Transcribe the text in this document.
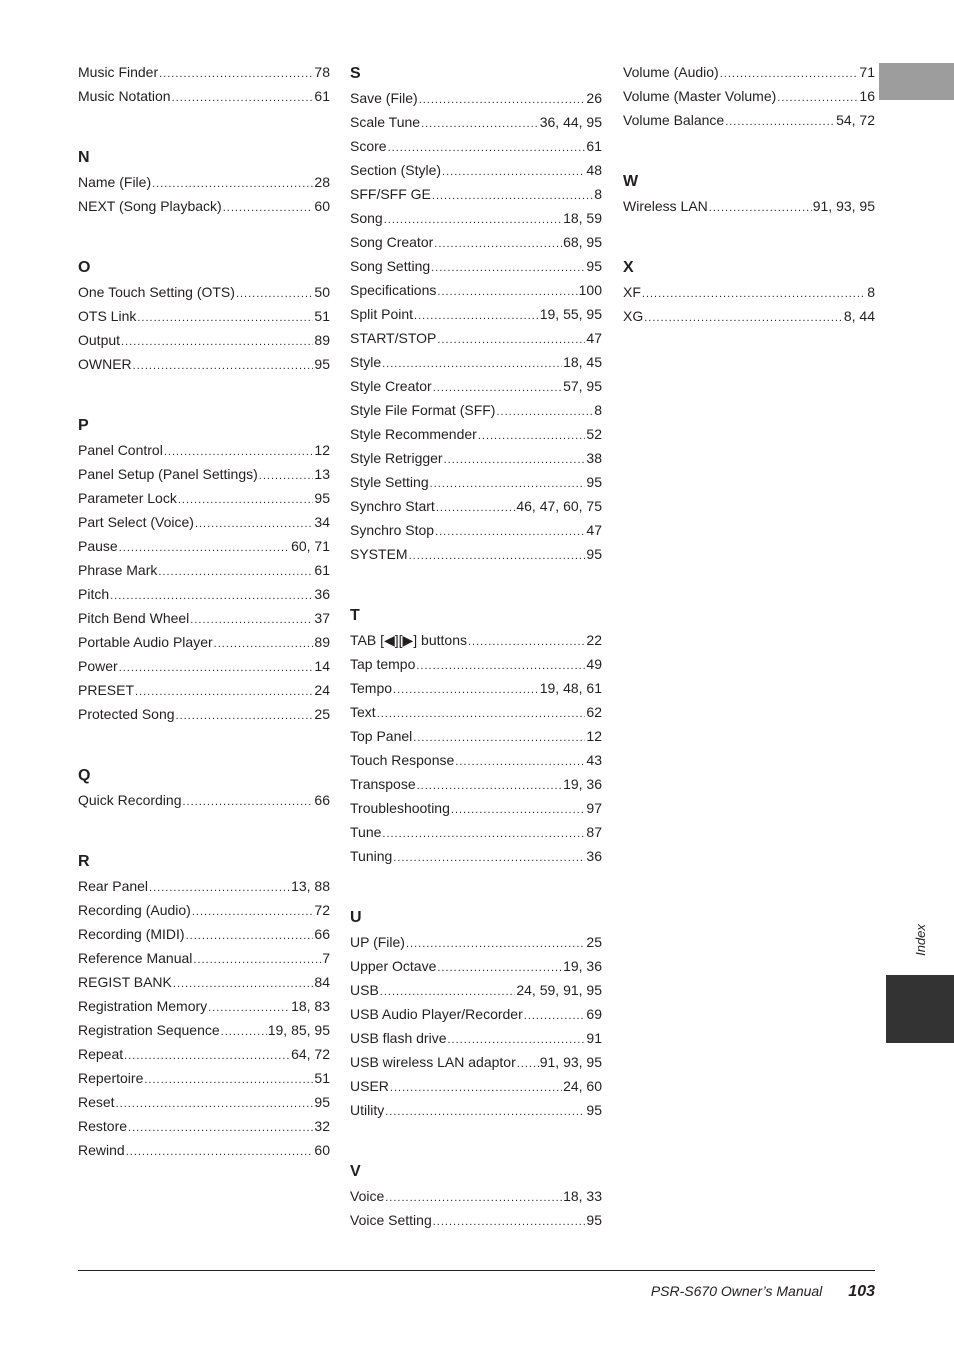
Index
Music Finder .....	78
Music Notation .....	61
N
Name (File) .....	28
NEXT (Song Playback) .....	60
O
One Touch Setting (OTS) .....	50
OTS Link .....	51
Output .....	89
OWNER .....	95
P
Panel Control .....	12
Panel Setup (Panel Settings) .....	13
Parameter Lock .....	95
Part Select (Voice) .....	34
Pause .....	60, 71
Phrase Mark .....	61
Pitch .....	36
Pitch Bend Wheel .....	37
Portable Audio Player .....	89
Power .....	14
PRESET .....	24
Protected Song .....	25
Q
Quick Recording .....	66
R
Rear Panel .....	13, 88
Recording (Audio) .....	72
Recording (MIDI) .....	66
Reference Manual .....	7
REGIST BANK .....	84
Registration Memory .....	18, 83
Registration Sequence .....	19, 85, 95
Repeat .....	64, 72
Repertoire .....	51
Reset .....	95
Restore .....	32
Rewind .....	60
S
Save (File) .....	26
Scale Tune .....	36, 44, 95
Score .....	61
Section (Style) .....	48
SFF/SFF GE .....	8
Song .....	18, 59
Song Creator .....	68, 95
Song Setting .....	95
Specifications .....	100
Split Point .....	19, 55, 95
START/STOP .....	47
Style .....	18, 45
Style Creator .....	57, 95
Style File Format (SFF) .....	8
Style Recommender .....	52
Style Retrigger .....	38
Style Setting .....	95
Synchro Start .....	46, 47, 60, 75
Synchro Stop .....	47
SYSTEM .....	95
T
TAB [◀][▶] buttons .....	22
Tap tempo .....	49
Tempo .....	19, 48, 61
Text .....	62
Top Panel .....	12
Touch Response .....	43
Transpose .....	19, 36
Troubleshooting .....	97
Tune .....	87
Tuning .....	36
U
UP (File) .....	25
Upper Octave .....	19, 36
USB .....	24, 59, 91, 95
USB Audio Player/Recorder .....	69
USB flash drive .....	91
USB wireless LAN adaptor ..... 91, 93, 95
USER .....	24, 60
Utility .....	95
V
Voice .....	18, 33
Voice Setting .....	95
Volume (Audio) .....	71
Volume (Master Volume) .....	16
Volume Balance .....	54, 72
W
Wireless LAN .....	91, 93, 95
X
XF .....	8
XG .....	8, 44
PSR-S670 Owner’s Manual 103
